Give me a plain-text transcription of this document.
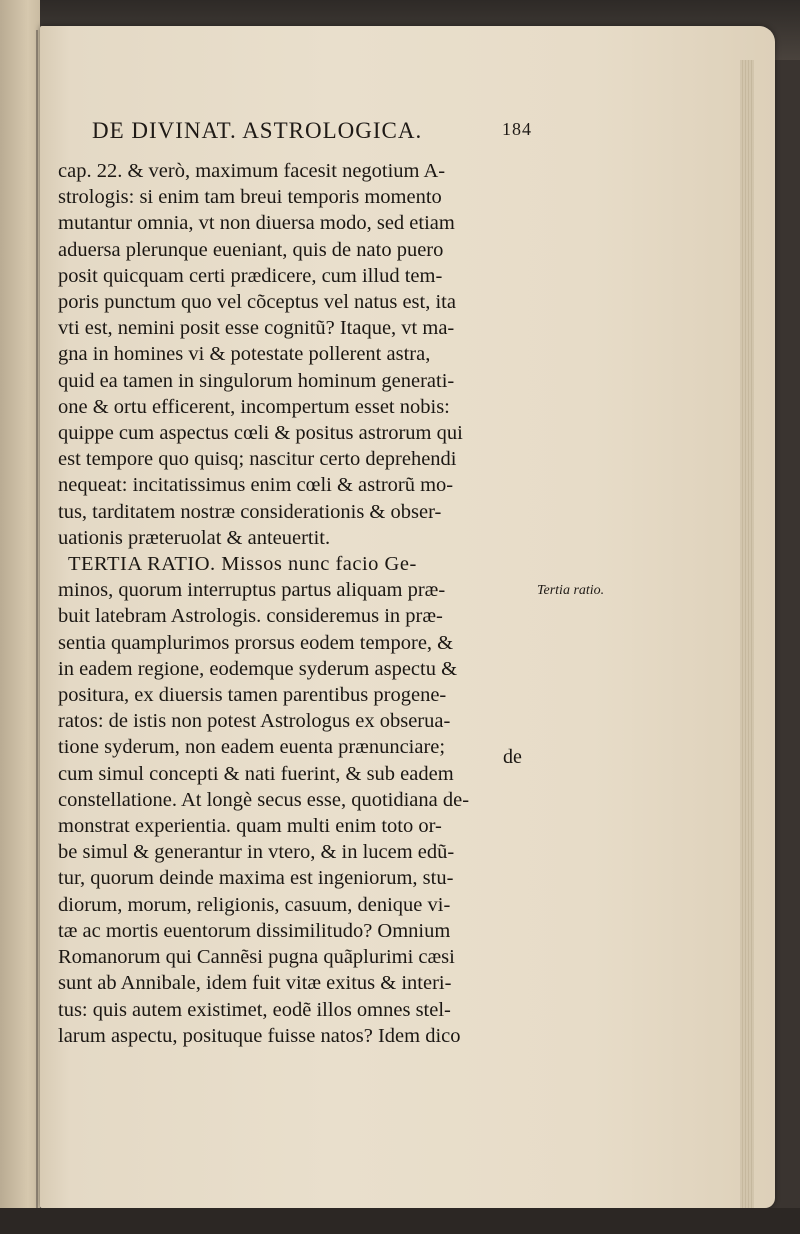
DE DIVINAT. ASTROLOGICA.	184
cap. 22. & verò, maximum facesit negotium A-
strologis: si enim tam breui temporis momento
mutantur omnia, vt non diuersa modo, sed etiam
aduersa plerunque eueniant, quis de nato puero
posit quicquam certi prædicere, cum illud tem-
poris punctum quo vel cõceptus vel natus est, ita
vti est, nemini posit esse cognitũ? Itaque, vt ma-
gna in homines vi & potestate pollerent astra,
quid ea tamen in singulorum hominum generati-
one & ortu efficerent, incompertum esset nobis:
quippe cum aspectus cœli & positus astrorum qui
est tempore quo quisq; nascitur certo deprehendi
nequeat: incitatissimus enim cœli & astrorũ mo-
tus, tarditatem nostræ considerationis & obser-
uationis præteruolat & anteuertit.
TERTIA RATIO. Missos nunc facio Ge-
minos, quorum interruptus partus aliquam præ-
buit latebram Astrologis. consideremus in præ-
sentia quamplurimos prorsus eodem tempore, &
in eadem regione, eodemque syderum aspectu &
positura, ex diuersis tamen parentibus progene-
ratos: de istis non potest Astrologus ex obserua-
tione syderum, non eadem euenta prænunciare;
cum simul concepti & nati fuerint, & sub eadem
constellatione. At longè secus esse, quotidiana de-
monstrat experientia. quam multi enim toto or-
be simul & generantur in vtero, & in lucem edũ-
tur, quorum deinde maxima est ingeniorum, stu-
diorum, morum, religionis, casuum, denique vi-
tæ ac mortis euentorum dissimilitudo? Omnium
Romanorum qui Cannẽsi pugna quãplurimi cæsi
sunt ab Annibale, idem fuit vitæ exitus & interi-
tus: quis autem existimet, eodẽ illos omnes stel-
larum aspectu, posituque fuisse natos? Idem dico
Tertia ratio.
de
